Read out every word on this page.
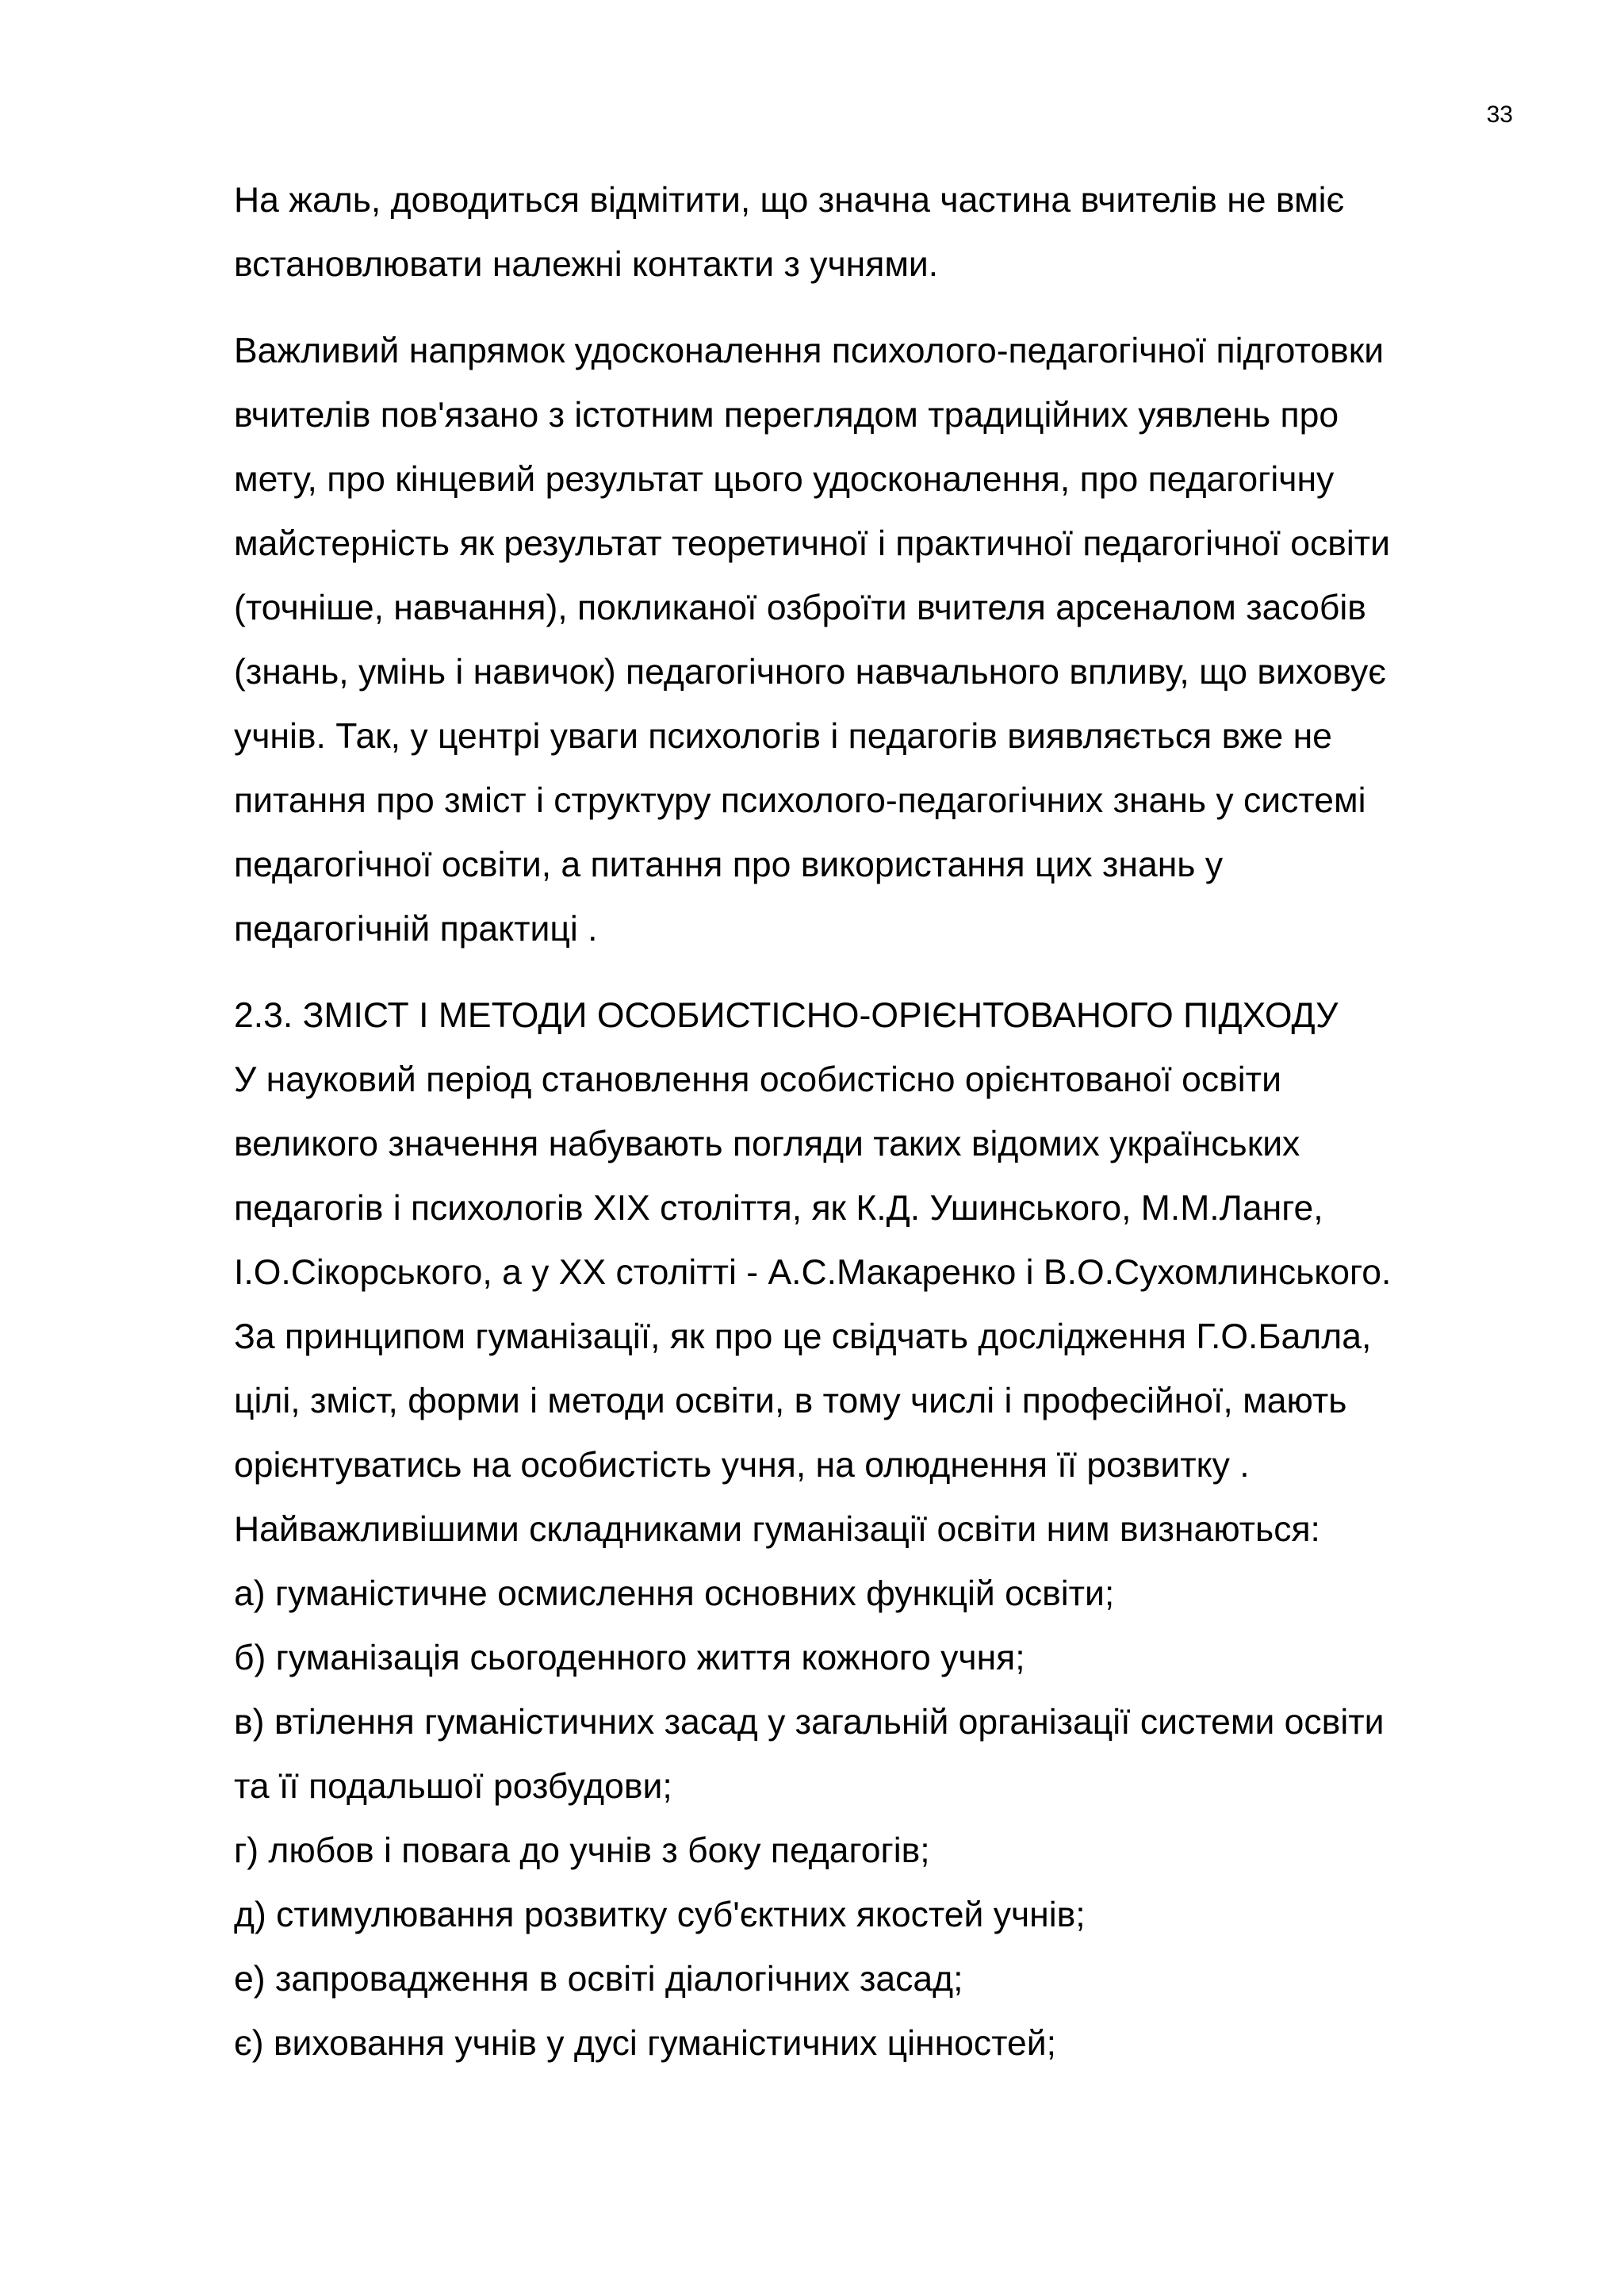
33
На жаль, доводиться відмітити, що значна частина вчителів не вміє
встановлювати належні контакти з учнями.
Важливий напрямок удосконалення психолого-педагогічної підготовки
вчителів пов'язано з істотним переглядом традиційних уявлень про
мету, про кінцевий результат цього удосконалення, про педагогічну
майстерність як результат теоретичної і практичної педагогічної освіти
(точніше, навчання), покликаної озброїти вчителя арсеналом засобів
(знань, умінь і навичок) педагогічного навчального впливу, що виховує
учнів. Так, у центрі уваги психологів і педагогів виявляється вже не
питання про зміст і структуру психолого-педагогічних знань у системі
педагогічної освіти, а питання про використання цих знань у
педагогічній практиці .
2.3. ЗМІСТ І МЕТОДИ ОСОБИСТІСНО-ОРІЄНТОВАНОГО ПІДХОДУ
У науковий період становлення особистісно орієнтованої освіти
великого значення набувають погляди таких відомих українських
педагогів і психологів XIX століття, як К.Д. Ушинського, М.М.Ланге,
І.О.Сікорського, а у XX столітті - А.С.Макаренко і В.О.Сухомлинського.
За принципом гуманізації, як про це свідчать дослідження Г.О.Балла,
цілі, зміст, форми і методи освіти, в тому числі і професійної, мають
орієнтуватись на особистість учня, на олюднення її розвитку .
Найважливішими складниками гуманізації освіти ним визнаються:
а) гуманістичне осмислення основних функцій освіти;
б) гуманізація сьогоденного життя кожного учня;
в) втілення гуманістичних засад у загальній організації системи освіти
та її подальшої розбудови;
г) любов і повага до учнів з боку педагогів;
д) стимулювання розвитку суб'єктних якостей учнів;
е) запровадження в освіті діалогічних засад;
є) виховання учнів у дусі гуманістичних цінностей;
